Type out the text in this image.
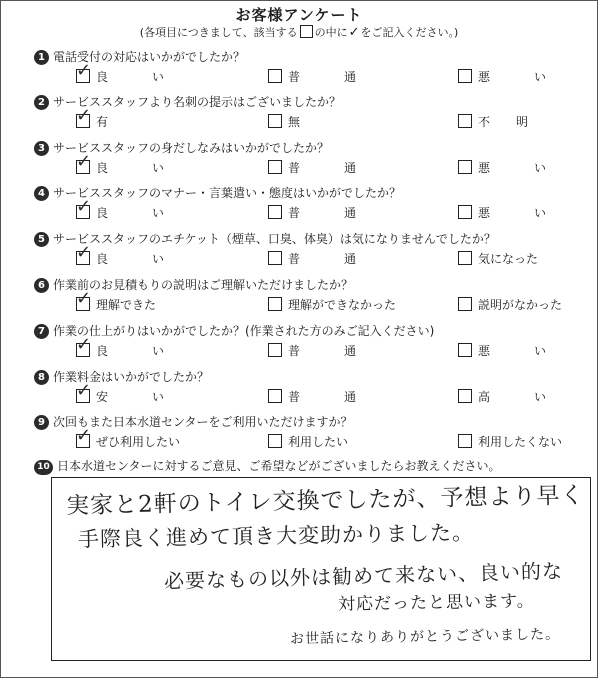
お客様アンケート
(各項目につきまして、該当する の中に✓をご記入ください。)
1 電話受付の対応はいかがでしたか？
✓ 良い	普通	悪い
2 サービススタッフより名刺の提示はございましたか？
✓ 有	無	不明
3 サービススタッフの身だしなみはいかがでしたか？
✓ 良い	普通	悪い
4 サービススタッフのマナー・言葉遣い・態度はいかがでしたか？
✓ 良い	普通	悪い
5 サービススタッフのエチケット（煙草、口臭、体臭）は気になりませんでしたか？
✓ 良い	普通	気になった
6 作業前のお見積もりの説明はご理解いただけましたか？
✓ 理解できた	理解ができなかった	説明がなかった
7 作業の仕上がりはいかがでしたか？(作業された方のみご記入ください)
✓ 良い	普通	悪い
8 作業料金はいかがでしたか？
✓ 安い	普通	高い
9 次回もまた日本水道センターをご利用いただけますか？
✓ ぜひ利用したい	利用したい	利用したくない
10 日本水道センターに対するご意見、ご希望などがございましたらお教えください。
実家と2軒のトイレ交換でしたが、予想より早く
手際良く進めて頂き大変助かりました。
必要なもの以外は勧めて来ない、良い的な
対応だったと思います。
お世話になりありがとうございました。
